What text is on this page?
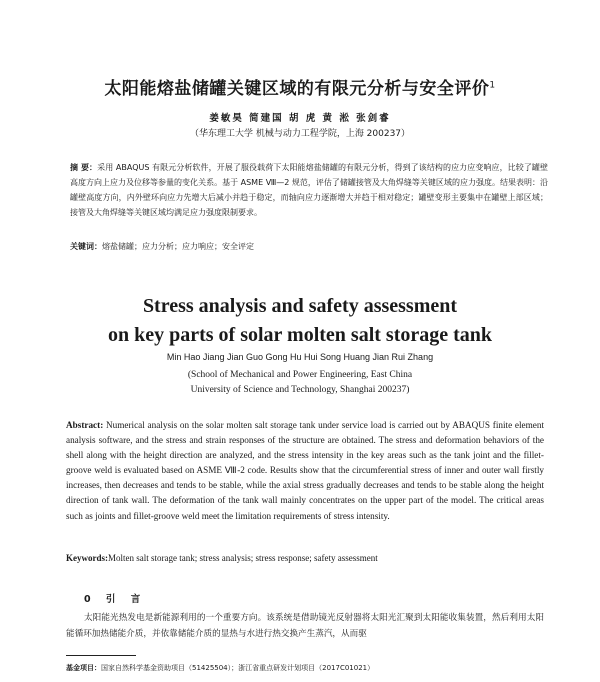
太阳能熔盐储罐关键区域的有限元分析与安全评价$^1$
姜敏昊 简建国 胡 虎 黄 淞 张剑睿
（华东理工大学 机械与动力工程学院，上海 200237）
摘 要：采用 ABAQUS 有限元分析软件，开展了服役载荷下太阳能熔盐储罐的有限元分析，得到了该结构的应力应变响应，比较了罐壁高度方向上应力及位移等参量的变化关系。基于 ASME Ⅷ—2 规范，评估了储罐接管及大角焊缝等关键区域的应力强度。结果表明：沿罐壁高度方向，内外壁环向应力先增大后减小并趋于稳定，而轴向应力逐渐增大并趋于相对稳定；罐壁变形主要集中在罐壁上部区域；接管及大角焊缝等关键区域均满足应力强度限制要求。
关键词：熔盐储罐；应力分析；应力响应；安全评定
Stress analysis and safety assessment
on key parts of solar molten salt storage tank
Min Hao Jiang Jian Guo Gong Hu Hui Song Huang Jian Rui Zhang
(School of Mechanical and Power Engineering, East China
University of Science and Technology, Shanghai 200237)
Abstract: Numerical analysis on the solar molten salt storage tank under service load is carried out by ABAQUS finite element analysis software, and the stress and strain responses of the structure are obtained. The stress and deformation behaviors of the shell along with the height direction are analyzed, and the stress intensity in the key areas such as the tank joint and the fillet-groove weld is evaluated based on ASME Ⅷ-2 code. Results show that the circumferential stress of inner and outer wall firstly increases, then decreases and tends to be stable, while the axial stress gradually decreases and tends to be stable along the height direction of tank wall. The deformation of the tank wall mainly concentrates on the upper part of the model. The critical areas such as joints and fillet-groove weld meet the limitation requirements of stress intensity.
Keywords:Molten salt storage tank; stress analysis; stress response; safety assessment
0 引 言
太阳能光热发电是新能源利用的一个重要方向。该系统是借助镜光反射器将太阳光汇聚到太阳能收集装置，然后利用太阳能循环加热储能介质，并依靠储能介质的显热与水进行热交换产生蒸汽，从而驱
基金项目：国家自然科学基金资助项目（51425504）；浙江省重点研发计划项目（2017C01021）
